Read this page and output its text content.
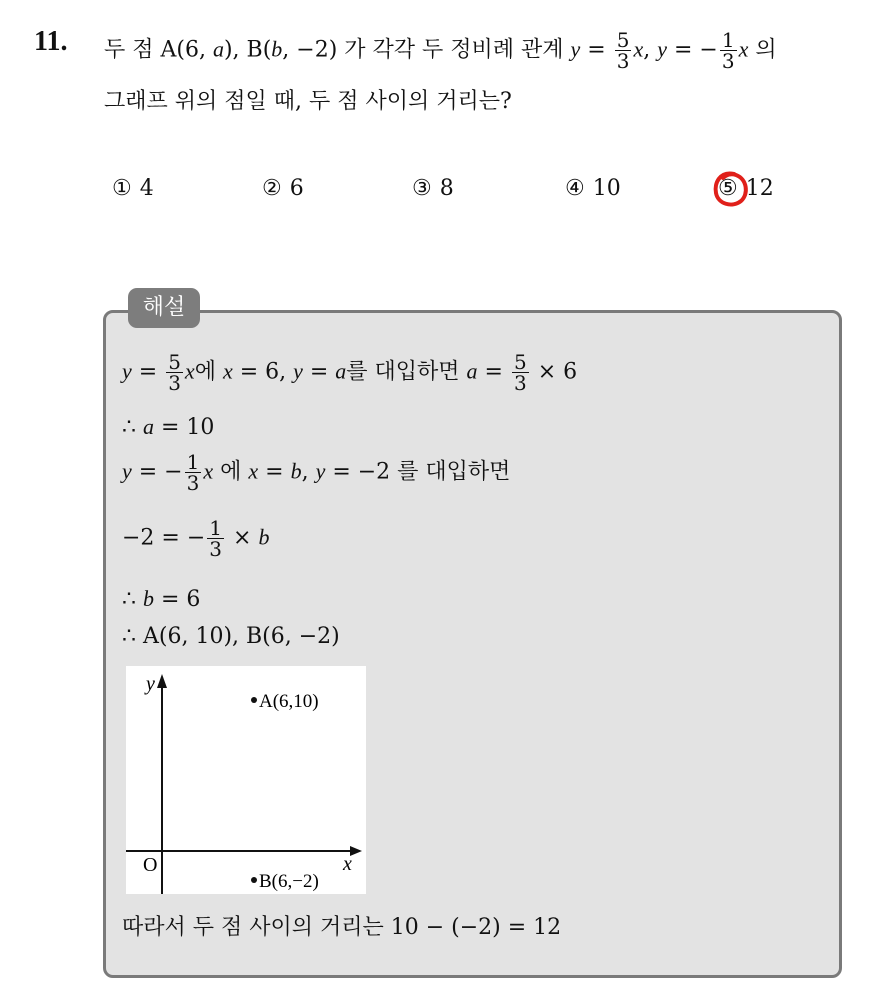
11. 두 점 A(6, a), B(b, −2) 가 각각 두 정비례 관계 $y = \frac{5}{3} x$, y = − $\frac{1}{3}$ x 의
그래프 위의 점일 때, 두 점 사이의 거리는?
① 4	② 6	③ 8	④ 10	⑤ 12
해설
$y = \frac{5}{3}$ x에 x = 6, y = a를 대입하면 $a = \frac{5}{3} \times 6$
∴ a = 10
y = − $\frac{1}{3}$ x 에 x = b, y = −2 를 대입하면
−2 = − $\frac{1}{3} \times b$
∴ b = 6
∴ A(6, 10), B(6, −2)
y
x
O
A(6,10)
B(6,−2)
따라서 두 점 사이의 거리는 10 − (−2) = 12
